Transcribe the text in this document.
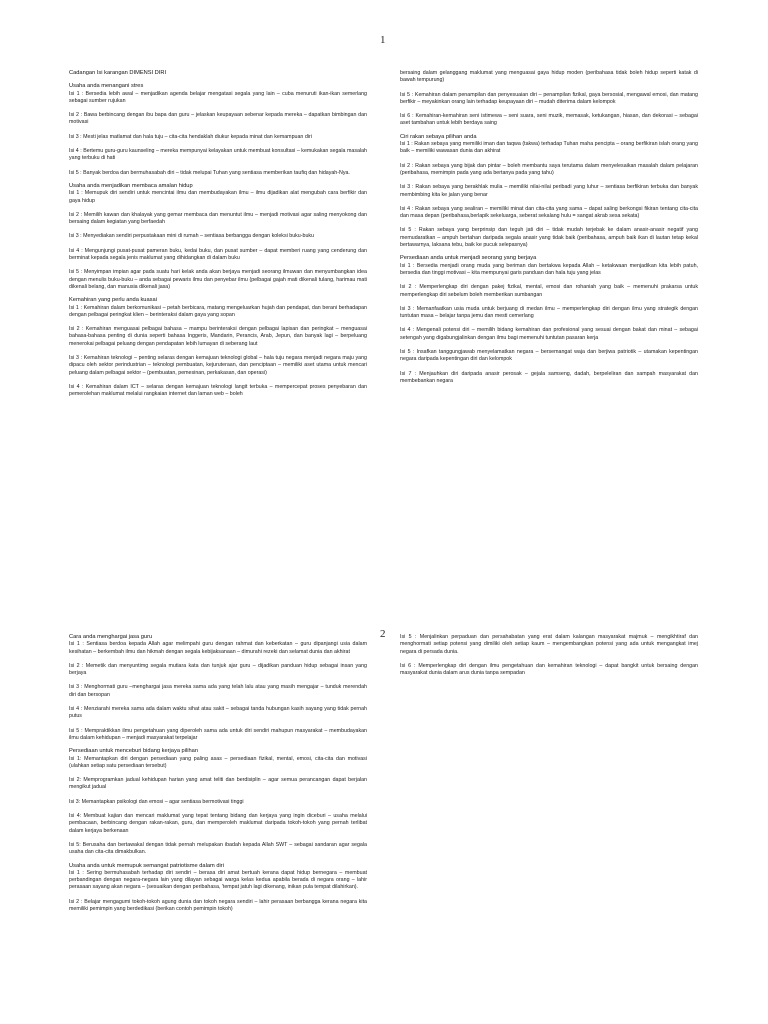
1
Cadangan Isi karangan DIMENSI DIRI
Usaha anda menangani stres
Isi 1 : Bersedia lebih awal – menjadikan agenda belajar mengatasi segala yang lain – cuba menuruti ikan-ikan semerlang sebagai sumber rujukan
Isi 2 : Bawa berbincang dengan ibu bapa dan guru – jelaskan keupayaan sebenar kepada mereka – dapatkan bimbingan dan motivasi
Isi 3 : Mesti jelas matlamat dan hala tuju – cita-cita hendaklah diukur kepada minat dan kemampuan diri
Isi 4 : Bertemu guru-guru kaunseling – mereka mempunyai kelayakan untuk membuat konsultasi – kemukakan segala masalah yang terbuku di hati
Isi 5 : Banyak berdoa dan bermuhasabah diri – tidak melupai Tuhan yang sentiasa memberikan taufiq dan hidayah-Nya.
Usaha anda menjadikan membaca amalan hidup
Isi 1 : Memupuk diri sendiri untuk mencintai ilmu dan membudayakan ilmu – ilmu dijadikan alat mengubah cara berfikir dan gaya hidup
Isi 2 : Memilih kawan dan khalayak yang gemar membaca dan menuntut ilmu – menjadi motivasi agar saling menyokong dan bersaing dalam kegiatan yang berfaedah
Isi 3 : Menyediakan sendiri perpustakaan mini di rumah – sentiasa berbangga dengan koleksi buku-buku
Isi 4 : Mengunjungi pusat-pusat pameran buku, kedai buku, dan pusat sumber – dapat memberi ruang yang cenderung dan berminat kepada segala jenis maklumat yang dihidangkan di dalam buku
Isi 5 : Menyimpan impian agar pada suatu hari kelak anda akan berjaya menjadi seorang ilmuwan dan menyumbangkan idea dengan menulis buku-buku – anda sebagai pewaris ilmu dan penyebar ilmu (pelbagai gajah mati dikenali tulang, harimau mati dikenali belang, dan manusia dikenali jasa)
Kemahiran yang perlu anda kuasai
Isi 1 : Kemahiran dalam berkomunikasi – petah berbicara, matang mengeluarkan hujah dan pendapat, dan berani berhadapan dengan pelbagai peringkat klien – berinteraksi dalam gaya yang sopan
Isi 2 : Kemahiran menguasai pelbagai bahasa – mampu berinteraksi dengan pelbagai lapisan dan peringkat – menguasai bahasa-bahasa penting di dunia seperti bahasa Inggeris, Mandarin, Perancis, Arab, Jepun, dan banyak lagi – berpeluang menerokai pelbagai peluang dengan pendapatan lebih lumayan di seberang laut
Isi 3 : Kemahiran teknologi – penting selaras dengan kemajuan teknologi global – hala tuju negara menjadi negara maju yang dipacu oleh sektor perindustrian – teknologi pembuatan, kejuruteraan, dan penciptaan – memiliki aset utama untuk mencari peluang dalam pelbagai sektor – (pembuatan, pemesinan, perkakasan, dan operasi)
Isi 4 : Kemahiran dalam ICT – selaras dengan kemajuan teknologi langit terbuka – mempercepat proses penyebaran dan pemerolehan maklumat melalui rangkaian internet dan laman web – boleh
bersaing dalam gelanggang maklumat yang menguasai gaya hidup moden (peribahasa tidak boleh hidup seperti katak di bawah tempurung)
Isi 5 : Kemahiran dalam penampilan dan penyesuaian diri – penampilan fizikal, gaya bersosial, mengawal emosi, dan matang berfikir – meyakinkan orang lain terhadap keupayaan diri – mudah diterima dalam kelompok
Isi 6 : Kemahiran-kemahiran seni istimewa – seni suara, seni muzik, memasak, ketukangan, hiasan, dan dekorasi – sebagai aset tambahan untuk lebih berdaya saing
Ciri rakan sebaya pilihan anda
Isi 1 : Rakan sebaya yang memiliki iman dan taqwa (takwa) terhadap Tuhan maha pencipta – orang berfikiran islah orang yang baik – memiliki wawasan dunia dan akhirat
Isi 2 : Rakan sebaya yang bijak dan pintar – boleh membantu saya terutama dalam menyelesaikan masalah dalam pelajaran (peribahasa, memimpin pada yang ada bertanya pada yang tahu)
Isi 3 : Rakan sebaya yang berakhlak mulia – memiliki nilai-nilai peribadi yang luhur – sentiasa berfikiran terbuka dan banyak membimbing kita ke jalan yang benar
Isi 4 : Rakan sebaya yang sealiran – memiliki minat dan cita-cita yang sama – dapat saling berkongsi fikiran tentang cita-cita dan masa depan (peribahasa,berlapik sekeluarga, seberat sekalang hulu = sangat akrab sesa sekata)
Isi 5 : Rakan sebaya yang berprinsip dan teguh jati diri – tidak mudah terjebak ke dalam anasir-anasir negatif yang memudaratkan – ampuh bertahan daripada segala anasir yang tidak baik (peribahasa, ampuh baik ikan di lautan tetap kekal bertawarnya, laksana tebu, baik ke pucuk selepasnya)
Persediaan anda untuk menjadi seorang yang berjaya
Isi 1 : Bersedia menjadi orang muda yang beriman dan bertakwa kepada Allah – ketakwaan menjadikan kita lebih patuh, bersedia dan tinggi motivasi – kita mempunyai garis panduan dan hala tuju yang jelas
Isi 2 : Memperlengkap diri dengan pakej fizikal, mental, emosi dan rohaniah yang baik – memenuhi prakarsa untuk memperlengkap diri sebelum boleh memberikan sumbangan
Isi 3 : Memanfaatkan usia muda untuk berjuang di medan ilmu – memperlengkap diri dengan ilmu yang strategik dengan tuntutan masa – belajar tanpa jemu dan mesti cemerlang
Isi 4 : Mengenali potensi diri – memilih bidang kemahiran dan profesional yang sesuai dengan bakat dan minat – sebagai setengah yang digabungjalinkan dengan ilmu bagi memenuhi tuntutan pasaran kerja
Isi 5 : Insafkan tanggungjawab menyelamatkan negara – bersemangat waja dan berjiwa patriotik – utamakan kepentingan negara daripada kepentingan diri dan kelompok
Isi 7 : Menjauhkan diri daripada anasir perosak – gejala samseng, dadah, berpeleliran dan sampah masyarakat dan membebankan negara
2
Cara anda menghargai jasa guru
Isi 1 : Sentiasa berdoa kepada Allah agar melimpahi guru dengan rahmat dan keberkatan – guru dipanjangi usia dalam kesihatan – berkembah ilmu dan hikmah dengan segala kebijaksanaan – dimurahi rezeki dan selamat dunia dan akhirat
Isi 2 : Memetik dan menyuntimg segala mutiara kata dan tunjuk ajar guru – dijadikan panduan hidup sebagai insan yang berjaya
Isi 3 : Menghormati guru –menghargai jasa mereka sama ada yang telah lalu atau yang masih mengajar – tunduk merendah diri dan bersopan
Isi 4 : Menziarahi mereka sama ada dalam waktu sihat atau sakit – sebagai tanda hubungan kasih sayang yang tidak pernah putus
Isi 5 : Mempraktikkan ilmu pengetahuan yang diperoleh sama ada untuk diri sendiri mahupun masyarakat – membudayakan ilmu dalam kehidupan – menjadi masyarakat terpelajar
Persediaan untuk menceburi bidang kerjaya pilihan
Isi 1: Memantapkan diri dengan persediaan yang paling asas – persediaan fizikal, mental, emosi, cita-cita dan motivasi (ulahkan setiap satu persediaan tersebut)
Isi 2: Memprogramkan jadual kehidupan harian yang amat teliti dan berdisiplin – agar semua perancangan dapat berjalan mengikut jadual
Isi 3: Memantapkan psikologi dan emosi – agar sentiasa bermotivasi tinggi
Isi 4: Membuat kajian dan mencari maklumat yang tepat tentang bidang dan kerjaya yang ingin diceburi – usaha melalui pembacaan, berbincang dengan rakan-rakan, guru, dan memperoleh maklumat daripada tokoh-tokoh yang pernah terlibat dalam kerjaya berkenaan
Isi 5: Berusaha dan bertawakal dengan tidak pernah melupakan ibadah kepada Allah SWT – sebagai sandaran agar segala usaha dan cita-cita dimakbulkan.
Usaha anda untuk memupuk semangat patriotisme dalam diri
Isi 1 : Sering bermuhasabah terhadap diri sendiri – berasa diri amat bertuah kerana dapat hidup bernegara – membuat perbandingan dengan negara-negara lain yang dilayan sebagai warga kelas kedua apabila berada di negara orang – lahir perasaan sayang akan negara – (sesuaikan dengan peribahasa, 'tempat jatuh lagi dikenang, inikan pula tempat dilahirkan).
Isi 2 : Belajar mengagumi tokoh-tokoh agung dunia dan tokoh negara sendiri – lahir perasaan berbangga kerana negara kita memiliki pemimpin yang berdedikasi (berikan contoh pemimpin tokoh)
Isi 5 : Menjalinkan perpaduan dan persahabatan yang erat dalam kalangan masyarakat majmuk – mengikhtiraf dan menghormati setiap potensi yang dimiliki oleh setiap kaum – mengembangkan potensi yang ada untuk mengangkat imej negara di persada dunia.
Isi 6 : Memperlengkap diri dengan ilmu pengetahuan dan kemahiran teknologi – dapat bangkit untuk bersaing dengan masyarakat dunia dalam arus dunia tanpa sempadan
